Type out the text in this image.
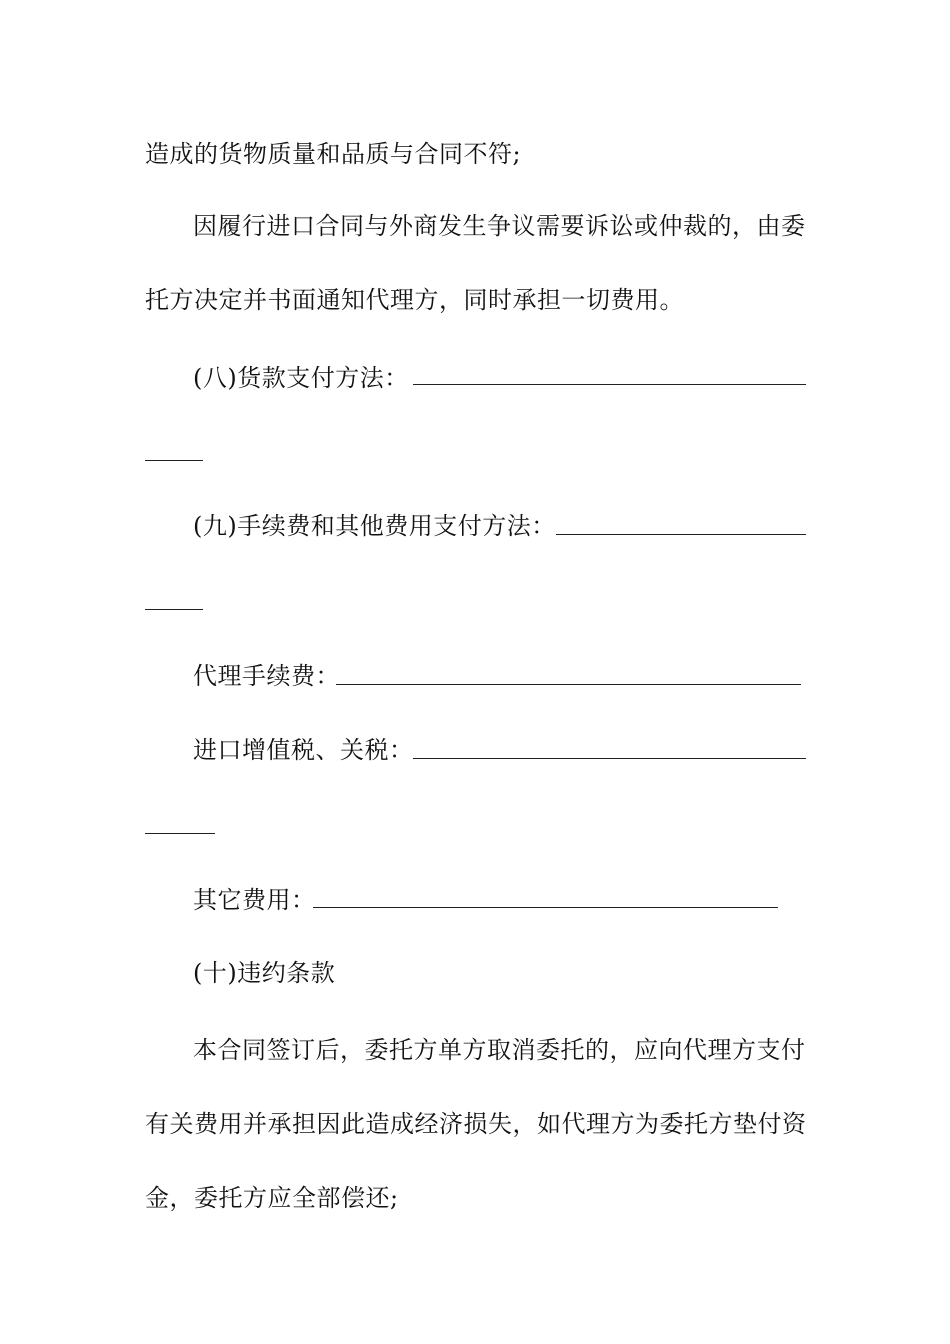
造成的货物质量和品质与合同不符;
因履行进口合同与外商发生争议需要诉讼或仲裁的，由委
托方决定并书面通知代理方，同时承担一切费用。
(八)货款支付方法：
(九)手续费和其他费用支付方法：
代理手续费：
进口增值税、关税：
其它费用：
(十)违约条款
本合同签订后，委托方单方取消委托的，应向代理方支付
有关费用并承担因此造成经济损失，如代理方为委托方垫付资
金，委托方应全部偿还;
